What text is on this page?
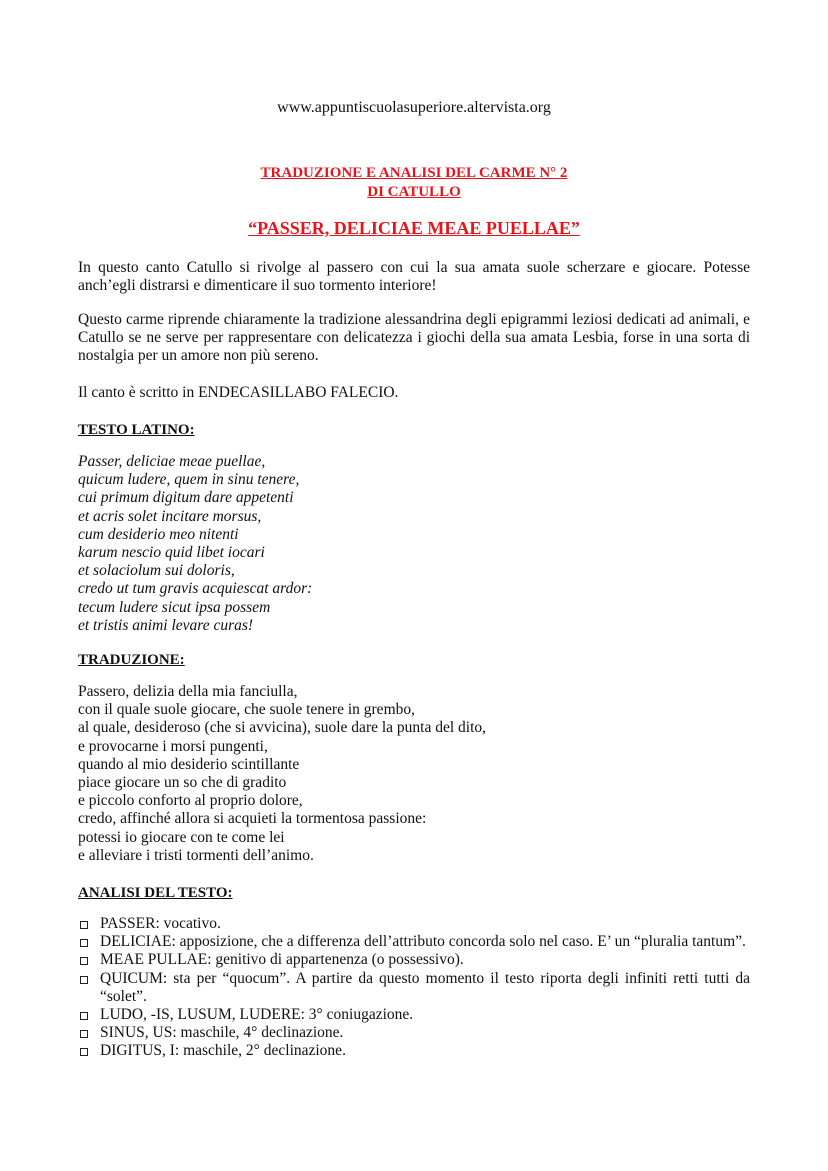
www.appuntiscuolasuperiore.altervista.org
TRADUZIONE E ANALISI DEL CARME N° 2
DI CATULLO
“PASSER, DELICIAE MEAE PUELLAE”
In questo canto Catullo si rivolge al passero con cui la sua amata suole scherzare e giocare. Potesse anch’egli distrarsi e dimenticare il suo tormento interiore!
Questo carme riprende chiaramente la tradizione alessandrina degli epigrammi leziosi dedicati ad animali, e Catullo se ne serve per rappresentare con delicatezza i giochi della sua amata Lesbia, forse in una sorta di nostalgia per un amore non più sereno.
Il canto è scritto in ENDECASILLABO FALECIO.
TESTO LATINO:
Passer, deliciae meae puellae,
quicum ludere, quem in sinu tenere,
cui primum digitum dare appetenti
et acris solet incitare morsus,
cum desiderio meo nitenti
karum nescio quid libet iocari
et solaciolum sui doloris,
credo ut tum gravis acquiescat ardor:
tecum ludere sicut ipsa possem
et tristis animi levare curas!
TRADUZIONE:
Passero, delizia della mia fanciulla,
con il quale suole giocare, che suole tenere in grembo,
al quale, desideroso (che si avvicina), suole dare la punta del dito,
e provocarne i morsi pungenti,
quando al mio desiderio scintillante
piace giocare un so che di gradito
e piccolo conforto al proprio dolore,
credo, affinché allora si acquieti la tormentosa passione:
potessi io giocare con te come lei
e alleviare i tristi tormenti dell’animo.
ANALISI DEL TESTO:
PASSER: vocativo.
DELICIAE: apposizione, che a differenza dell’attributo concorda solo nel caso. E’ un “pluralia tantum”.
MEAE PULLAE: genitivo di appartenenza (o possessivo).
QUICUM: sta per “quocum”. A partire da questo momento il testo riporta degli infiniti retti tutti da “solet”.
LUDO, -IS, LUSUM, LUDERE: 3° coniugazione.
SINUS, US: maschile, 4° declinazione.
DIGITUS, I: maschile, 2° declinazione.
